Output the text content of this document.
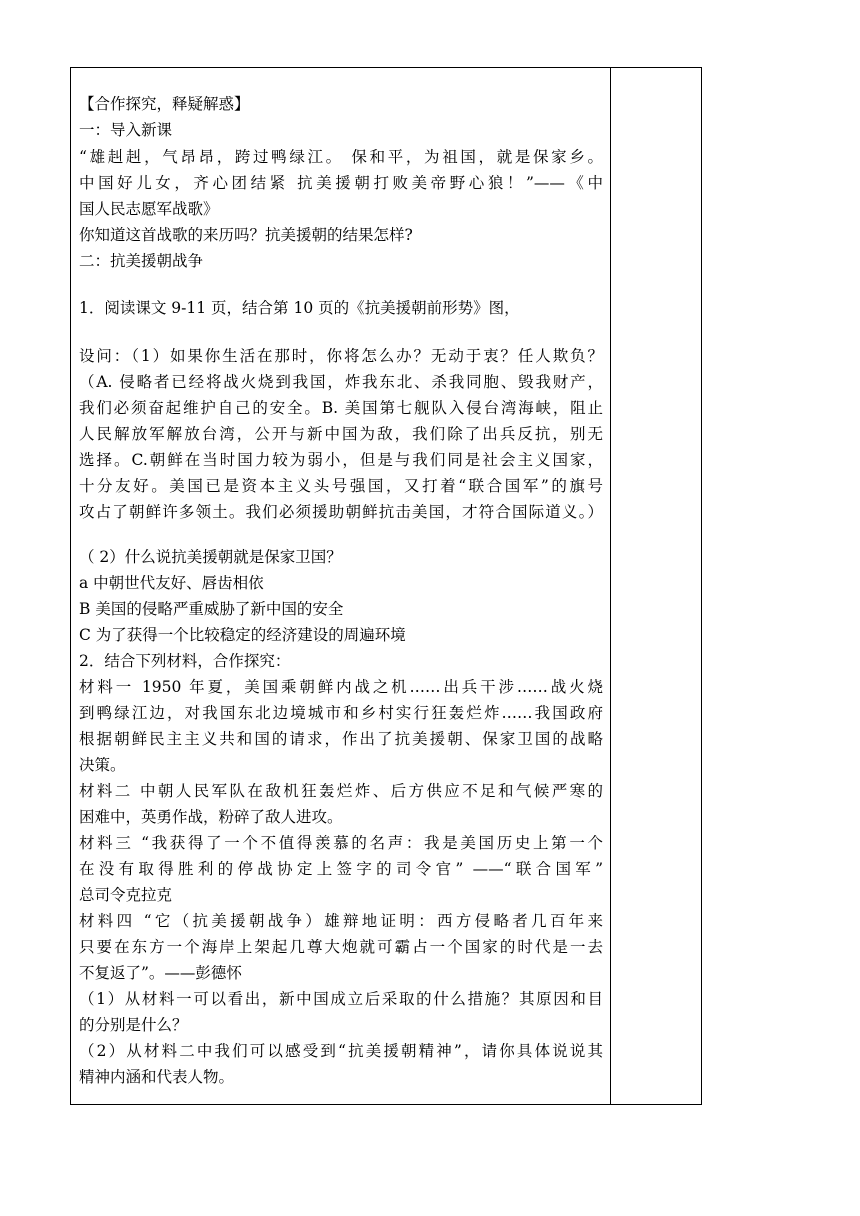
【合作探究，释疑解惑】
一：导入新课
“雄赳赳，气昂昂，跨过鸭绿江。 保和平，为祖国，就是保家乡。
中国好儿女，齐心团结紧 抗美援朝打败美帝野心狼！”——《中
国人民志愿军战歌》
你知道这首战歌的来历吗？抗美援朝的结果怎样?
二：抗美援朝战争
1．阅读课文 9-11 页，结合第 10 页的《抗美援朝前形势》图，
设问：（1）如果你生活在那时，你将怎么办？无动于衷？任人欺负？
（A. 侵略者已经将战火烧到我国，炸我东北、杀我同胞、毁我财产，
我们必须奋起维护自己的安全。B. 美国第七舰队入侵台湾海峡，阻止
人民解放军解放台湾，公开与新中国为敌，我们除了出兵反抗，别无
选择。C.朝鲜在当时国力较为弱小，但是与我们同是社会主义国家，
十分友好。美国已是资本主义头号强国，又打着“联合国军”的旗号
攻占了朝鲜许多领土。我们必须援助朝鲜抗击美国，才符合国际道义。）
（ 2）什么说抗美援朝就是保家卫国？
a 中朝世代友好、唇齿相依
B 美国的侵略严重威胁了新中国的安全
C 为了获得一个比较稳定的经济建设的周遍环境
2．结合下列材料，合作探究：
材料一 1950 年夏，美国乘朝鲜内战之机……出兵干涉……战火烧
到鸭绿江边，对我国东北边境城市和乡村实行狂轰烂炸……我国政府
根据朝鲜民主主义共和国的请求，作出了抗美援朝、保家卫国的战略
决策。
材料二 中朝人民军队在敌机狂轰烂炸、后方供应不足和气候严寒的
困难中，英勇作战，粉碎了敌人进攻。
材料三 “我获得了一个不值得羡慕的名声：我是美国历史上第一个
在没有取得胜利的停战协定上签字的司令官” ——“联合国军”
总司令克拉克
材料四 “它（抗美援朝战争）雄辩地证明：西方侵略者几百年来
只要在东方一个海岸上架起几尊大炮就可霸占一个国家的时代是一去
不复返了”。——彭德怀
（1）从材料一可以看出，新中国成立后采取的什么措施？其原因和目
的分别是什么？
（2）从材料二中我们可以感受到“抗美援朝精神”，请你具体说说其
精神内涵和代表人物。
